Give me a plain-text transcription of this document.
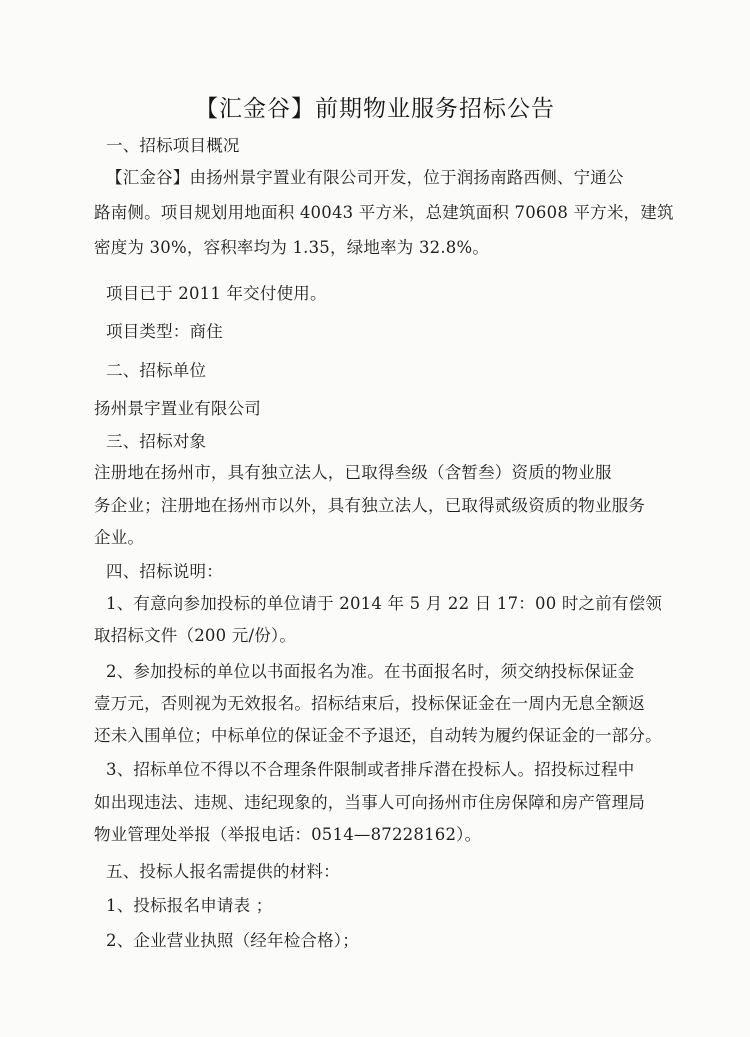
【汇金谷】前期物业服务招标公告
一、招标项目概况
【汇金谷】由扬州景宇置业有限公司开发，位于润扬南路西侧、宁通公
路南侧。项目规划用地面积 40043 平方米，总建筑面积 70608 平方米，建筑
密度为 30%，容积率均为 1.35，绿地率为 32.8%。
项目已于 2011 年交付使用。
项目类型：商住
二、招标单位
扬州景宇置业有限公司
三、招标对象
注册地在扬州市，具有独立法人，已取得叁级（含暂叁）资质的物业服
务企业；注册地在扬州市以外，具有独立法人，已取得贰级资质的物业服务
企业。
四、招标说明：
1、有意向参加投标的单位请于 2014 年 5 月 22 日 17：00 时之前有偿领
取招标文件（200 元/份）。
2、参加投标的单位以书面报名为准。在书面报名时，须交纳投标保证金
壹万元，否则视为无效报名。招标结束后，投标保证金在一周内无息全额返
还未入围单位；中标单位的保证金不予退还，自动转为履约保证金的一部分。
3、招标单位不得以不合理条件限制或者排斥潜在投标人。招投标过程中
如出现违法、违规、违纪现象的，当事人可向扬州市住房保障和房产管理局
物业管理处举报（举报电话：0514—87228162）。
五、投标人报名需提供的材料：
1、投标报名申请表 ；
2、企业营业执照（经年检合格）；
